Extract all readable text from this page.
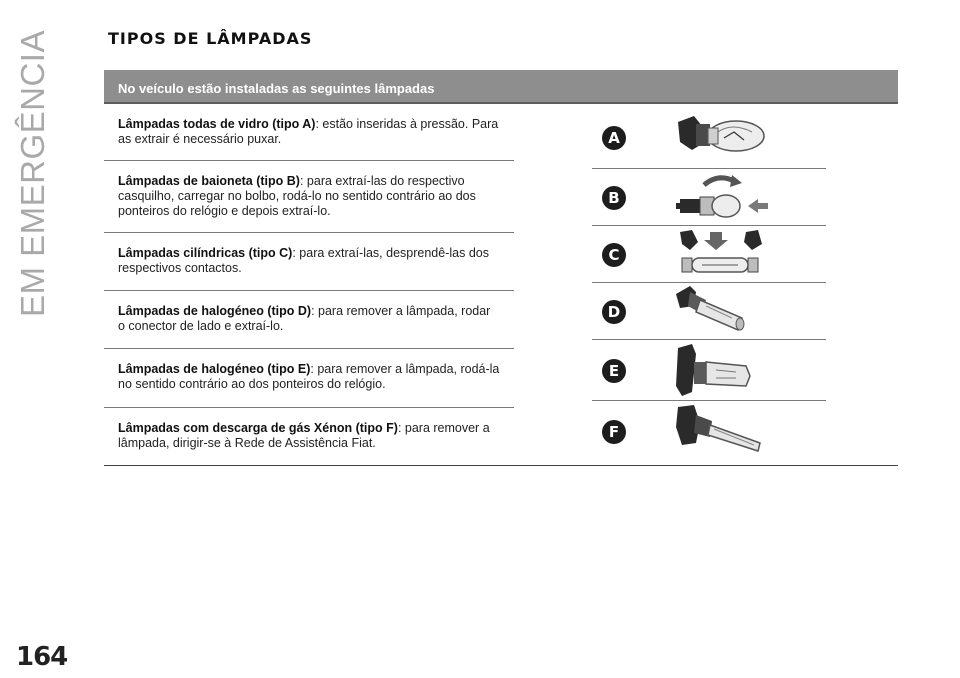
EM EMERGÊNCIA
164
TIPOS DE LÂMPADAS
No veículo estão instaladas as seguintes lâmpadas

Lâmpadas todas de vidro (tipo A): estão inseridas à pressão. Para as extrair é necessário puxar.

Lâmpadas de baioneta (tipo B): para extraí-las do respectivo casquilho, carregar no bolbo, rodá-lo no sentido contrário ao dos ponteiros do relógio e depois extraí-lo.

Lâmpadas cilíndricas (tipo C): para extraí-las, desprendê-las dos respectivos contactos.

Lâmpadas de halogéneo (tipo D): para remover a lâmpada, rodar o conector de lado e extraí-lo.

Lâmpadas de halogéneo (tipo E): para remover a lâmpada, rodá-la no sentido contrário ao dos ponteiros do relógio.

Lâmpadas com descarga de gás Xénon (tipo F): para remover a lâmpada, dirigir-se à Rede de Assistência Fiat.

A
B
C
D
E
F
